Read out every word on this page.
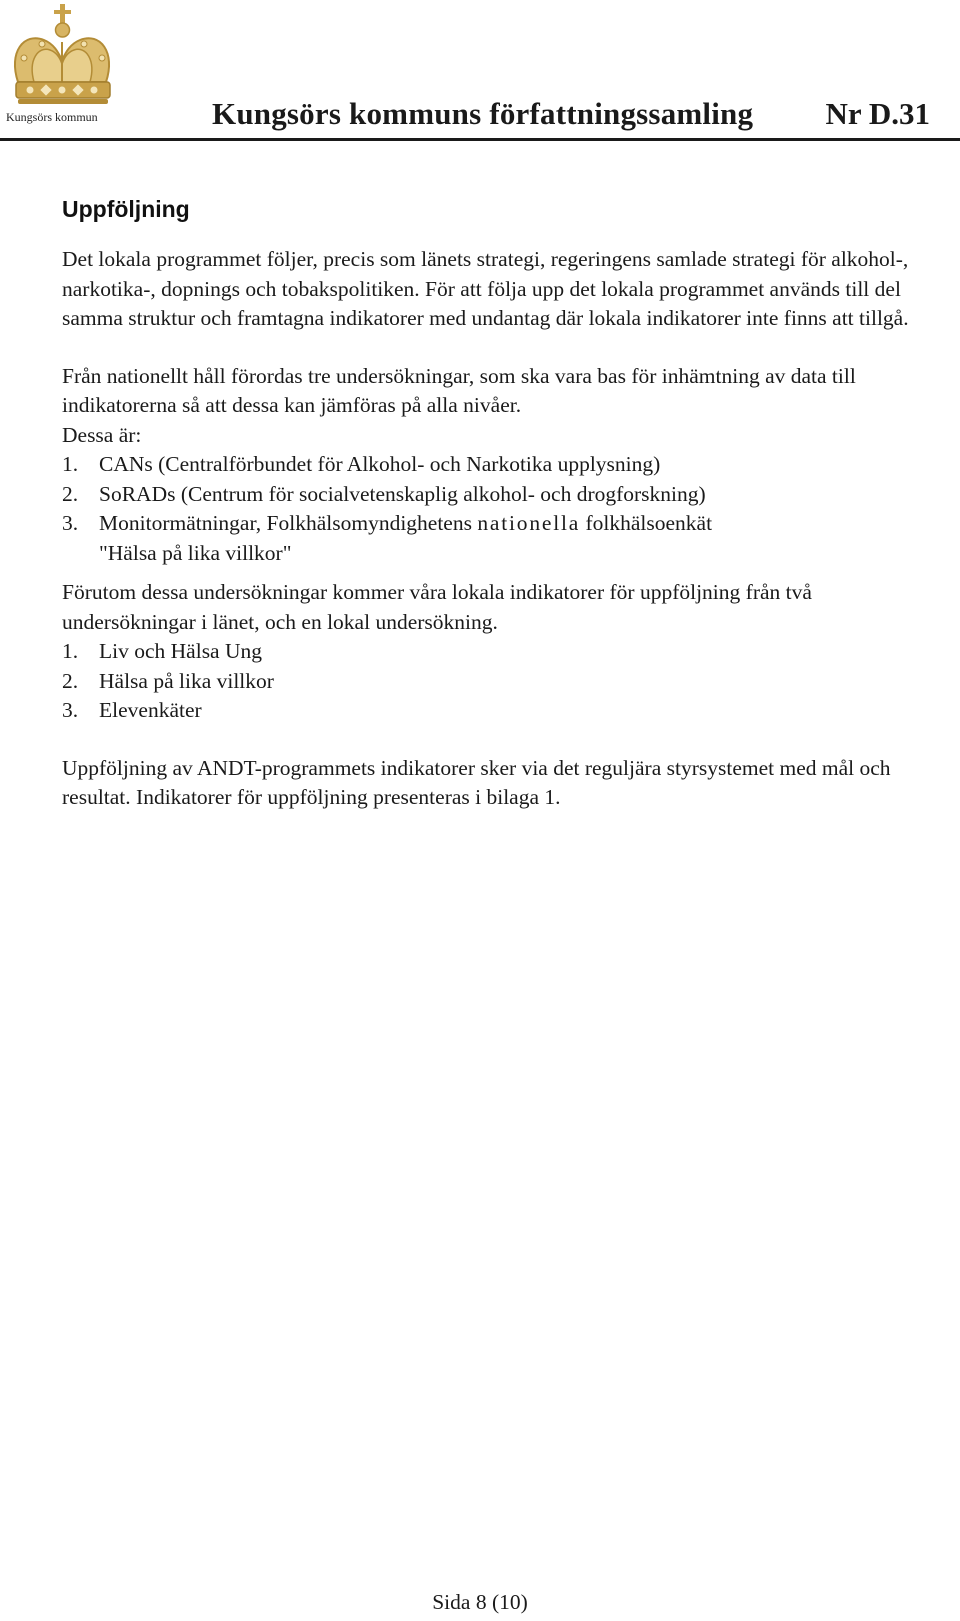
Kungsörs kommun	Kungsörs kommuns författningssamling Nr D.31
Uppföljning

Det lokala programmet följer, precis som länets strategi, regeringens samlade strategi för alkohol-, narkotika-, dopnings och tobakspolitiken. För att följa upp det lokala programmet används till del samma struktur och framtagna indikatorer med undantag där lokala indikatorer inte finns att tillgå.

Från nationellt håll förordas tre undersökningar, som ska vara bas för inhämtning av data till indikatorerna så att dessa kan jämföras på alla nivåer.

Dessa är:

1. CANs (Centralförbundet för Alkohol- och Narkotika upplysning)
2. SoRADs (Centrum för socialvetenskaplig alkohol- och drogforskning)
3. Monitormätningar, Folkhälsomyndighetens nationella folkhälsoenkät
"Hälsa på lika villkor"

Förutom dessa undersökningar kommer våra lokala indikatorer för uppföljning från två undersökningar i länet, och en lokal undersökning.

1. Liv och Hälsa Ung
2. Hälsa på lika villkor
3. Elevenkäter

Uppföljning av ANDT-programmets indikatorer sker via det reguljära styrsystemet med mål och resultat. Indikatorer för uppföljning presenteras i bilaga 1.

Sida 8 (10)
